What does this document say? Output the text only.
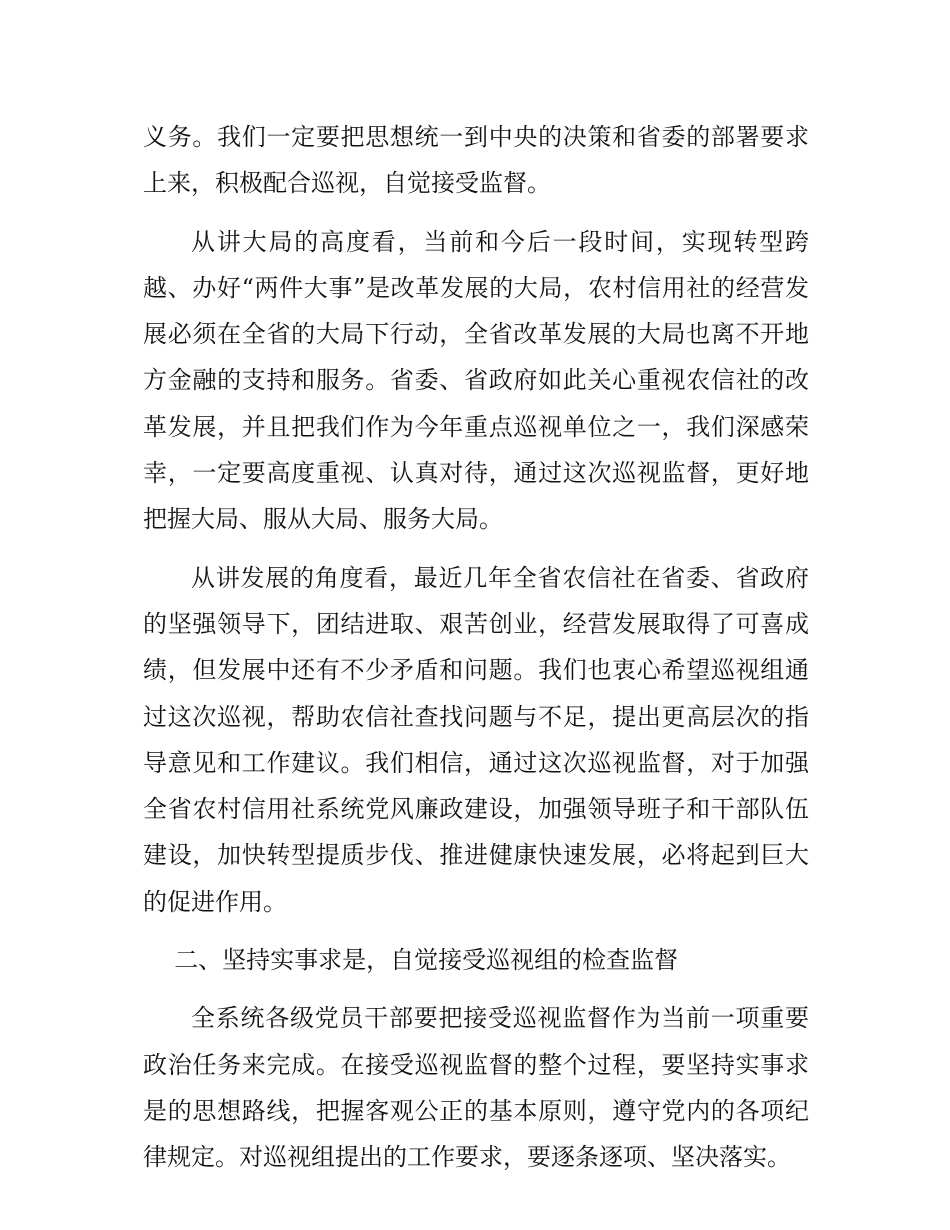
义务。我们一定要把思想统一到中央的决策和省委的部署要求上来，积极配合巡视，自觉接受监督。

从讲大局的高度看，当前和今后一段时间，实现转型跨越、办好“两件大事”是改革发展的大局，农村信用社的经营发展必须在全省的大局下行动，全省改革发展的大局也离不开地方金融的支持和服务。省委、省政府如此关心重视农信社的改革发展，并且把我们作为今年重点巡视单位之一，我们深感荣幸，一定要高度重视、认真对待，通过这次巡视监督，更好地把握大局、服从大局、服务大局。

从讲发展的角度看，最近几年全省农信社在省委、省政府的坚强领导下，团结进取、艰苦创业，经营发展取得了可喜成绩，但发展中还有不少矛盾和问题。我们也衷心希望巡视组通过这次巡视，帮助农信社查找问题与不足，提出更高层次的指导意见和工作建议。我们相信，通过这次巡视监督，对于加强全省农村信用社系统党风廉政建设，加强领导班子和干部队伍建设，加快转型提质步伐、推进健康快速发展，必将起到巨大的促进作用。

二、坚持实事求是，自觉接受巡视组的检查监督

全系统各级党员干部要把接受巡视监督作为当前一项重要政治任务来完成。在接受巡视监督的整个过程，要坚持实事求是的思想路线，把握客观公正的基本原则，遵守党内的各项纪律规定。对巡视组提出的工作要求，要逐条逐项、坚决落实。
